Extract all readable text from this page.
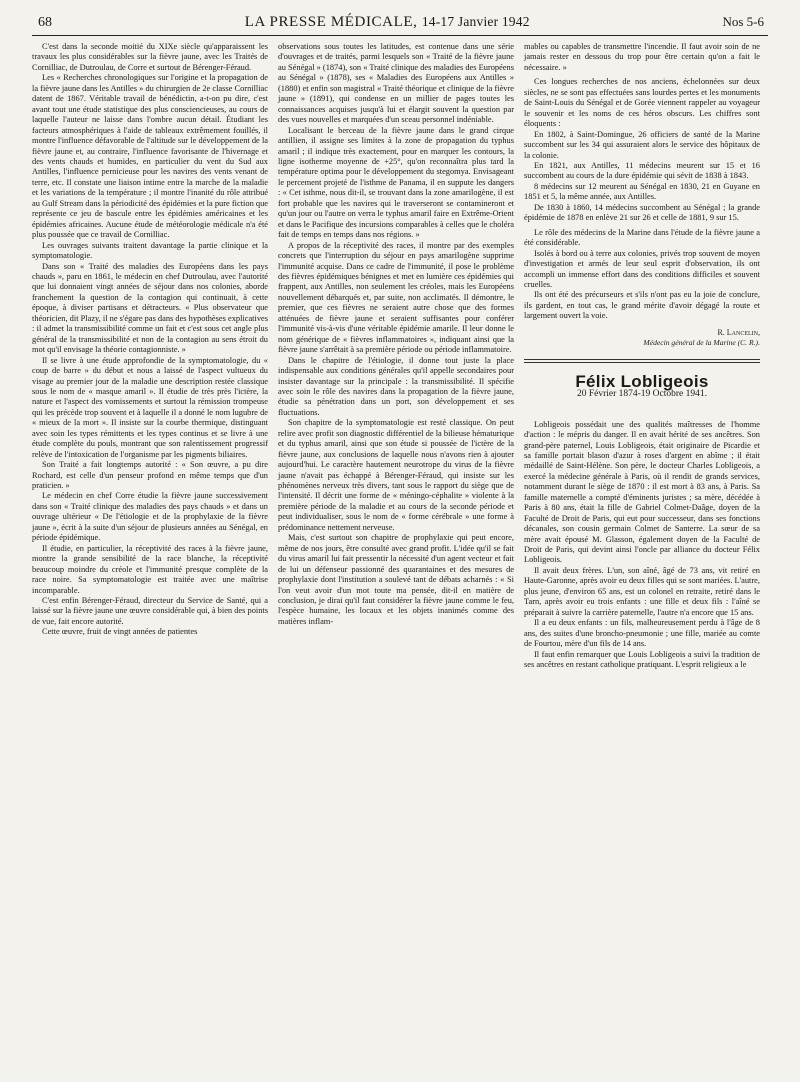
68	LA PRESSE MÉDICALE, 14-17 Janvier 1942	Nos 5-6

C'est dans la seconde moitié du XIXe siècle qu'apparaissent les travaux les plus considérables sur la fièvre jaune, avec les Traités de Cornilliac, de Dutroulau, de Corre et surtout de Bérenger-Féraud.

Les « Recherches chronologiques sur l'origine et la propagation de la fièvre jaune dans les Antilles » du chirurgien de 2e classe Cornilliac datent de 1867. Véritable travail de bénédictin, a-t-on pu dire, c'est avant tout une étude statistique des plus consciencieuses, au cours de laquelle l'auteur ne laisse dans l'ombre aucun détail. Étudiant les facteurs atmosphériques à l'aide de tableaux extrêmement fouillés, il montre l'influence défavorable de l'altitude sur le développement de la fièvre jaune et, au contraire, l'influence favorisante de l'hivernage et des vents chauds et humides, en particulier du vent du Sud aux Antilles, l'influence pernicieuse pour les navires des vents venant de terre, etc. Il constate une liaison intime entre la marche de la maladie et les variations de la température ; il montre l'inanité du rôle attribué au Gulf Stream dans la périodicité des épidémies et la pure fiction que représente ce jeu de bascule entre les épidémies américaines et les épidémies africaines. Aucune étude de météorologie médicale n'a été plus poussée que ce travail de Cornilliac.

Les ouvrages suivants traitent davantage la partie clinique et la symptomatologie.

Dans son « Traité des maladies des Européens dans les pays chauds », paru en 1861, le médecin en chef Dutroulau, avec l'autorité que lui donnaient vingt années de séjour dans nos colonies, aborde franchement la question de la contagion qui continuait, à cette époque, à diviser partisans et détracteurs. « Plus observateur que théoricien, dit Plazy, il ne s'égare pas dans des hypothèses explicatives : il admet la transmissibilité comme un fait et c'est sous cet angle plus général de la transmissibilité et non de la contagion au sens étroit du mot qu'il envisage la théorie contagionniste. »

Il se livre à une étude approfondie de la symptomatologie, du « coup de barre » du début et nous a laissé de l'aspect vultueux du visage au premier jour de la maladie une description restée classique sous le nom de « masque amaril ». Il étudie de très près l'ictère, la nature et l'aspect des vomissements et surtout la rémission trompeuse qui les précède trop souvent et à laquelle il a donné le nom lugubre de « mieux de la mort ». Il insiste sur la courbe thermique, distinguant avec soin les types rémittents et les types continus et se livre à une étude complète du pouls, montrant que son ralentissement progressif relève de l'intoxication de l'organisme par les pigments biliaires.

Son Traité a fait longtemps autorité : « Son œuvre, a pu dire Rochard, est celle d'un penseur profond en même temps que d'un praticien. »

Le médecin en chef Corre étudie la fièvre jaune successivement dans son « Traité clinique des maladies des pays chauds » et dans un ouvrage ultérieur « De l'étiologie et de la prophylaxie de la fièvre jaune », écrit à la suite d'un séjour de plusieurs années au Sénégal, en période épidémique.

Il étudie, en particulier, la réceptivité des races à la fièvre jaune, montre la grande sensibilité de la race blanche, la réceptivité beaucoup moindre du créole et l'immunité presque complète de la race noire. Sa symptomatologie est traitée avec une maîtrise incomparable.

C'est enfin Bérenger-Féraud, directeur du Service de Santé, qui a laissé sur la fièvre jaune une œuvre considérable qui, à bien des points de vue, fait encore autorité.

Cette œuvre, fruit de vingt années de patientes

observations sous toutes les latitudes, est contenue dans une série d'ouvrages et de traités, parmi lesquels son « Traité de la fièvre jaune au Sénégal » (1874), son « Traité clinique des maladies des Européens au Sénégal » (1878), ses « Maladies des Européens aux Antilles » (1880) et enfin son magistral « Traité théorique et clinique de la fièvre jaune » (1891), qui condense en un millier de pages toutes les connaissances acquises jusqu'à lui et élargit souvent la question par des vues nouvelles et marquées d'un sceau personnel indéniable.

Localisant le berceau de la fièvre jaune dans le grand cirque antillien, il assigne ses limites à la zone de propagation du typhus amaril ; il indique très exactement, pour en marquer les contours, la ligne isotherme moyenne de +25°, qu'on reconnaîtra plus tard la température optima pour le développement du stegomya. Envisageant le percement projeté de l'isthme de Panama, il en suppute les dangers : « Cet isthme, nous dit-il, se trouvant dans la zone amarilogène, il est fort probable que les navires qui le traverseront se contamineront et qu'un jour ou l'autre on verra le typhus amaril faire en Extrême-Orient et dans le Pacifique des incursions comparables à celles que le choléra fait de temps en temps dans nos régions. »

A propos de la réceptivité des races, il montre par des exemples concrets que l'interruption du séjour en pays amarilogène supprime l'immunité acquise. Dans ce cadre de l'immunité, il pose le problème des fièvres épidémiques bénignes et met en lumière ces épidémies qui frappent, aux Antilles, non seulement les créoles, mais les Européens nouvellement débarqués et, par suite, non acclimatés. Il démontre, le premier, que ces fièvres ne seraient autre chose que des formes atténuées de fièvre jaune et seraient suffisantes pour conférer l'immunité vis-à-vis d'une véritable épidémie amarile. Il leur donne le nom générique de « fièvres inflammatoires », indiquant ainsi que la fièvre jaune s'arrêtait à sa première période ou période inflammatoire.

Dans le chapitre de l'étiologie, il donne tout juste la place indispensable aux conditions générales qu'il appelle secondaires pour insister davantage sur la principale : la transmissibilité. Il spécifie avec soin le rôle des navires dans la propagation de la fièvre jaune, étudie sa pénétration dans un port, son développement et ses fluctuations.

Son chapitre de la symptomatologie est resté classique. On peut relire avec profit son diagnostic différentiel de la bilieuse hématurique et du typhus amaril, ainsi que son étude si poussée de l'ictère de la fièvre jaune, aux conclusions de laquelle nous n'avons rien à ajouter aujourd'hui. Le caractère hautement neurotrope du virus de la fièvre jaune n'avait pas échappé à Bérenger-Féraud, qui insiste sur les phénomènes nerveux très divers, tant sous le rapport du siège que de l'intensité. Il décrit une forme de « méningo-céphalite » violente à la première période de la maladie et au cours de la seconde période et peut individualiser, sous le nom de « forme cérébrale » une forme à prédominance nettement nerveuse.

Mais, c'est surtout son chapitre de prophylaxie qui peut encore, même de nos jours, être consulté avec grand profit. L'idée qu'il se fait du virus amaril lui fait pressentir la nécessité d'un agent vecteur et fait de lui un défenseur passionné des quarantaines et des mesures de prophylaxie dont l'institution a soulevé tant de débats acharnés : « Si l'on veut avoir d'un mot toute ma pensée, dit-il en matière de conclusion, je dirai qu'il faut considérer la fièvre jaune comme le feu, l'espèce humaine, les locaux et les objets inanimés comme des matières inflam-

mables ou capables de transmettre l'incendie. Il faut avoir soin de ne jamais rester en dessous du trop pour être certain qu'on a fait le nécessaire. »

Ces longues recherches de nos anciens, échelonnées sur deux siècles, ne se sont pas effectuées sans lourdes pertes et les monuments de Saint-Louis du Sénégal et de Gorée viennent rappeler au voyageur le souvenir et les noms de ces héros obscurs. Les chiffres sont éloquents :

En 1802, à Saint-Domingue, 26 officiers de santé de la Marine succombent sur les 34 qui assuraient alors le service des hôpitaux de la colonie.

En 1821, aux Antilles, 11 médecins meurent sur 15 et 16 succombent au cours de la dure épidémie qui sévit de 1838 à 1843.

8 médecins sur 12 meurent au Sénégal en 1830, 21 en Guyane en 1851 et 5, la même année, aux Antilles.

De 1830 à 1860, 14 médecins succombent au Sénégal ; la grande épidémie de 1878 en enlève 21 sur 26 et celle de 1881, 9 sur 15.

Le rôle des médecins de la Marine dans l'étude de la fièvre jaune a été considérable.

Isolés à bord ou à terre aux colonies, privés trop souvent de moyen d'investigation et armés de leur seul esprit d'observation, ils ont accompli un immense effort dans des conditions difficiles et souvent cruelles.

Ils ont été des précurseurs et s'ils n'ont pas eu la joie de conclure, ils gardent, en tout cas, le grand mérite d'avoir dégagé la route et largement ouvert la voie.

R. Lancelin,
Médecin général de la Marine (C. R.).
Félix Lobligeois
20 Février 1874-19 Octobre 1941.

Lobligeois possédait une des qualités maîtresses de l'homme d'action : le mépris du danger. Il en avait hérité de ses ancêtres. Son grand-père paternel, Louis Lobligeois, était originaire de Picardie et sa famille portait blason d'azur à roses d'argent en abîme ; il était médaillé de Saint-Hélène. Son père, le docteur Charles Lobligeois, a exercé la médecine générale à Paris, où il rendit de grands services, notamment durant le siège de 1870 : il est mort à 83 ans, à Paris. Sa famille maternelle a compté d'éminents juristes ; sa mère, décédée à Paris à 80 ans, était la fille de Gabriel Colmet-Daâge, doyen de la Faculté de Droit de Paris, qui eut pour successeur, dans ses fonctions décanales, son cousin germain Colmet de Santerre. La sœur de sa mère avait épousé M. Glasson, également doyen de la Faculté de Droit de Paris, qui devint ainsi l'oncle par alliance du docteur Félix Lobligeois.

Il avait deux frères. L'un, son aîné, âgé de 73 ans, vit retiré en Haute-Garonne, après avoir eu deux filles qui se sont mariées. L'autre, plus jeune, d'environ 65 ans, est un colonel en retraite, retiré dans le Tarn, après avoir eu trois enfants : une fille et deux fils : l'aîné se préparait à suivre la carrière paternelle, l'autre n'a encore que 15 ans.

Il a eu deux enfants : un fils, malheureusement perdu à l'âge de 8 ans, des suites d'une broncho-pneumonie ; une fille, mariée au comte de Fourtou, mère d'un fils de 14 ans.

Il faut enfin remarquer que Louis Lobligeois a suivi la tradition de ses ancêtres en restant catholique pratiquant. L'esprit religieux a le
